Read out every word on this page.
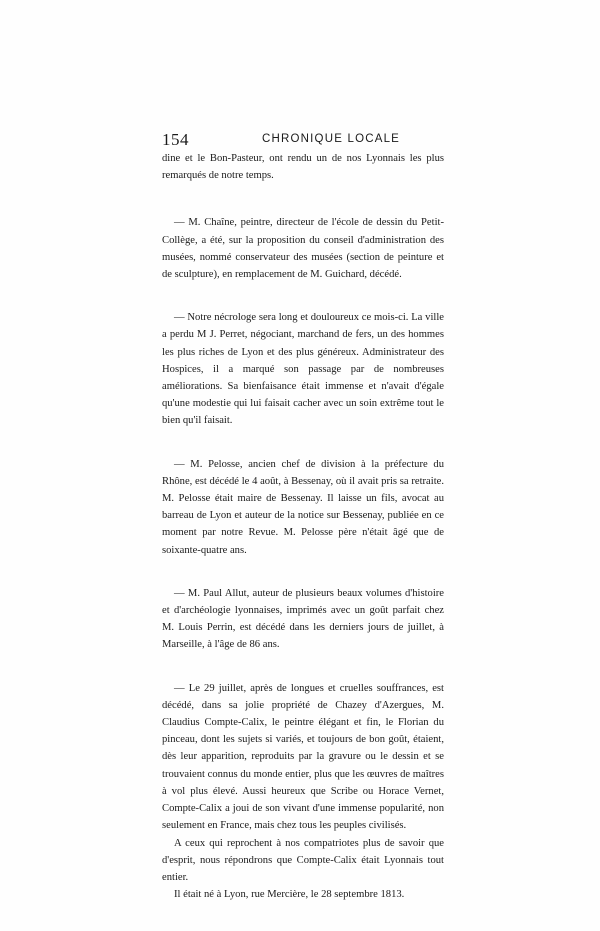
154	CHRONIQUE LOCALE

dine et le Bon-Pasteur, ont rendu un de nos Lyonnais les plus remarqués de notre temps.

— M. Chaîne, peintre, directeur de l'école de dessin du Petit-Collège, a été, sur la proposition du conseil d'administration des musées, nommé conservateur des musées (section de peinture et de sculpture), en remplacement de M. Guichard, décédé.

— Notre nécrologe sera long et douloureux ce mois-ci. La ville a perdu M J. Perret, négociant, marchand de fers, un des hommes les plus riches de Lyon et des plus généreux. Administrateur des Hospices, il a marqué son passage par de nombreuses améliorations. Sa bienfaisance était immense et n'avait d'égale qu'une modestie qui lui faisait cacher avec un soin extrême tout le bien qu'il faisait.

— M. Pelosse, ancien chef de division à la préfecture du Rhône, est décédé le 4 août, à Bessenay, où il avait pris sa retraite. M. Pelosse était maire de Bessenay. Il laisse un fils, avocat au barreau de Lyon et auteur de la notice sur Bessenay, publiée en ce moment par notre Revue. M. Pelosse père n'était âgé que de soixante-quatre ans.

— M. Paul Allut, auteur de plusieurs beaux volumes d'histoire et d'archéologie lyonnaises, imprimés avec un goût parfait chez M. Louis Perrin, est décédé dans les derniers jours de juillet, à Marseille, à l'âge de 86 ans.

— Le 29 juillet, après de longues et cruelles souffrances, est décédé, dans sa jolie propriété de Chazey d'Azergues, M. Claudius Compte-Calix, le peintre élégant et fin, le Florian du pinceau, dont les sujets si variés, et toujours de bon goût, étaient, dès leur apparition, reproduits par la gravure ou le dessin et se trouvaient connus du monde entier, plus que les œuvres de maîtres à vol plus élevé. Aussi heureux que Scribe ou Horace Vernet, Compte-Calix a joui de son vivant d'une immense popularité, non seulement en France, mais chez tous les peuples civilisés.

A ceux qui reprochent à nos compatriotes plus de savoir que d'esprit, nous répondrons que Compte-Calix était Lyonnais tout entier.

Il était né à Lyon, rue Mercière, le 28 septembre 1813.
